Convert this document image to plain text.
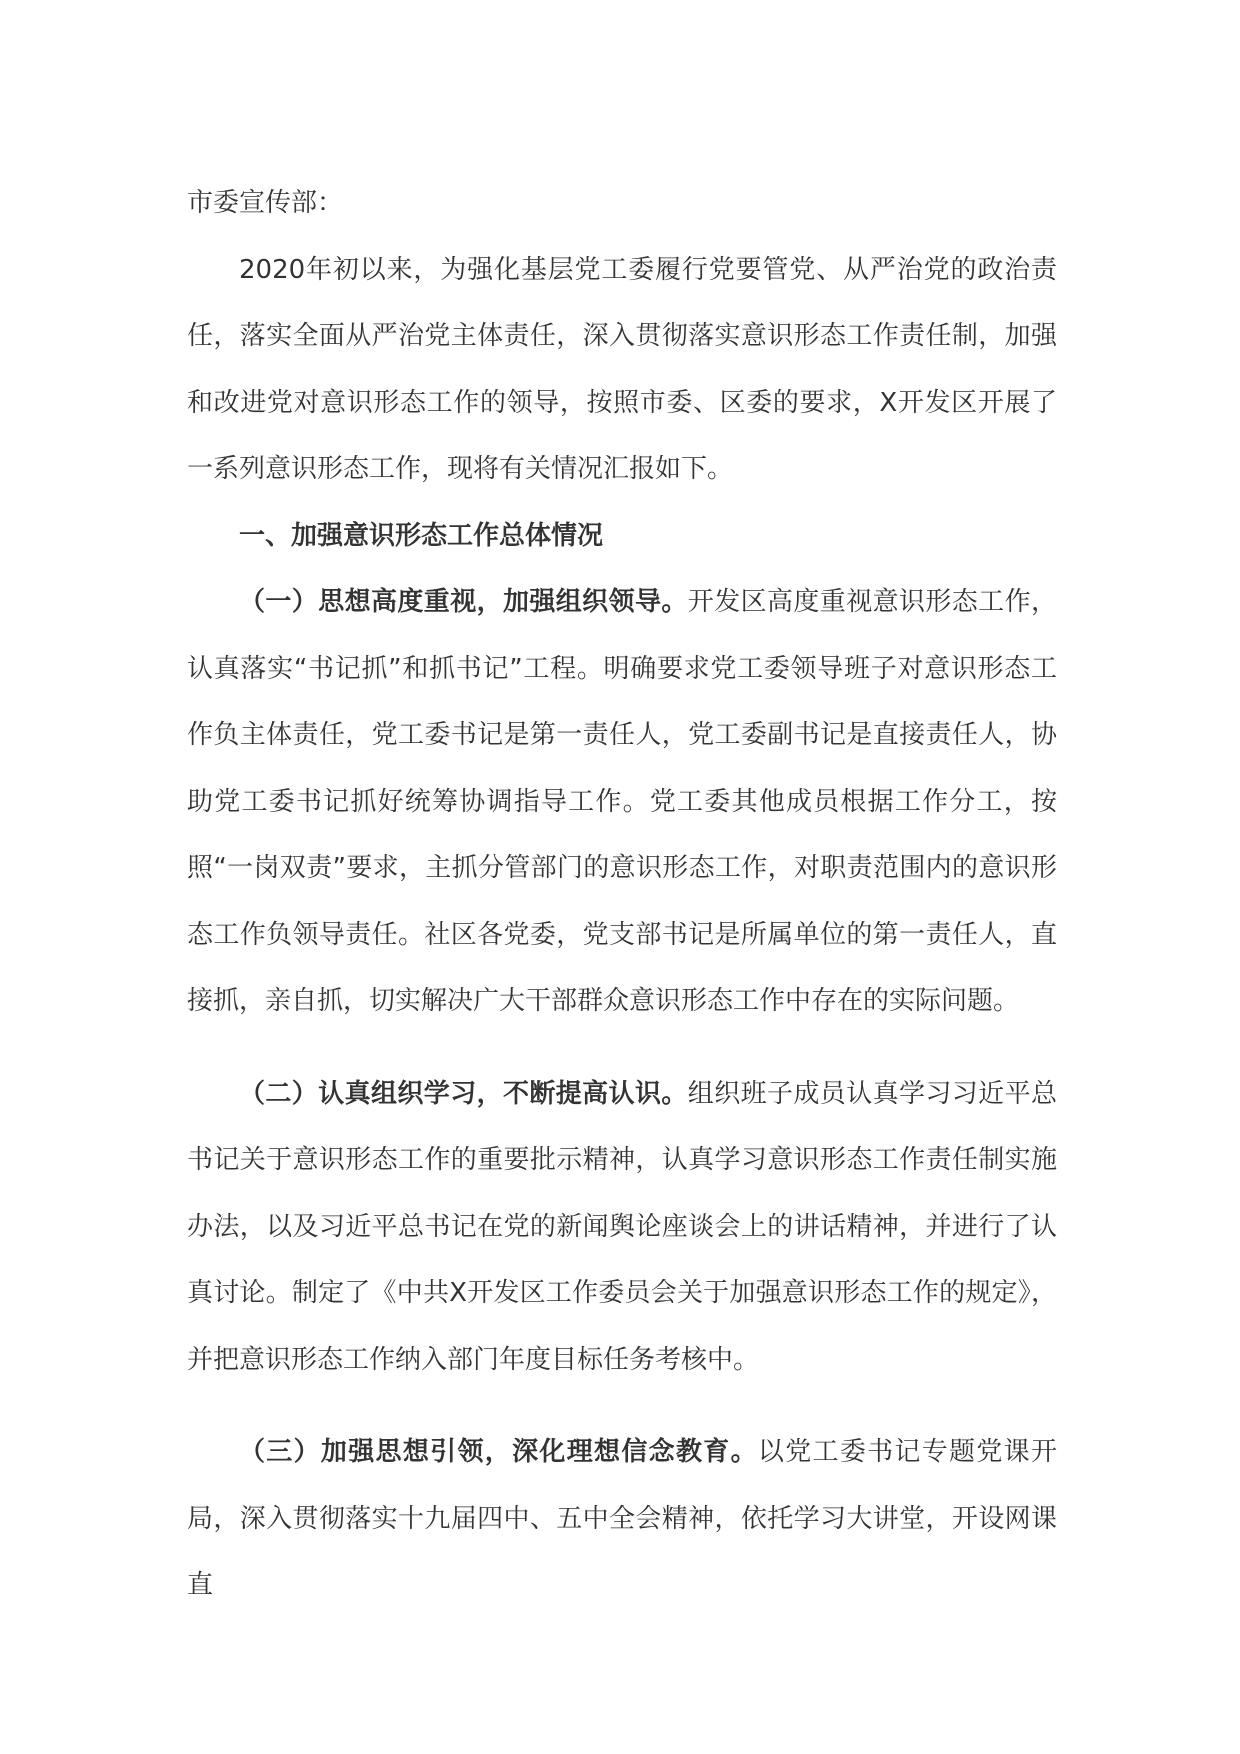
市委宣传部：

2020年初以来，为强化基层党工委履行党要管党、从严治党的政治责任，落实全面从严治党主体责任，深入贯彻落实意识形态工作责任制，加强和改进党对意识形态工作的领导，按照市委、区委的要求，X开发区开展了一系列意识形态工作，现将有关情况汇报如下。

一、加强意识形态工作总体情况

（一）思想高度重视，加强组织领导。开发区高度重视意识形态工作，认真落实“书记抓”和抓书记”工程。明确要求党工委领导班子对意识形态工作负主体责任，党工委书记是第一责任人，党工委副书记是直接责任人，协助党工委书记抓好统筹协调指导工作。党工委其他成员根据工作分工，按照“一岗双责”要求，主抓分管部门的意识形态工作，对职责范围内的意识形态工作负领导责任。社区各党委，党支部书记是所属单位的第一责任人，直接抓，亲自抓，切实解决广大干部群众意识形态工作中存在的实际问题。

（二）认真组织学习，不断提高认识。组织班子成员认真学习习近平总书记关于意识形态工作的重要批示精神，认真学习意识形态工作责任制实施办法，以及习近平总书记在党的新闻舆论座谈会上的讲话精神，并进行了认真讨论。制定了《中共X开发区工作委员会关于加强意识形态工作的规定》，并把意识形态工作纳入部门年度目标任务考核中。

（三）加强思想引领，深化理想信念教育。以党工委书记专题党课开局，深入贯彻落实十九届四中、五中全会精神，依托学习大讲堂，开设网课直
